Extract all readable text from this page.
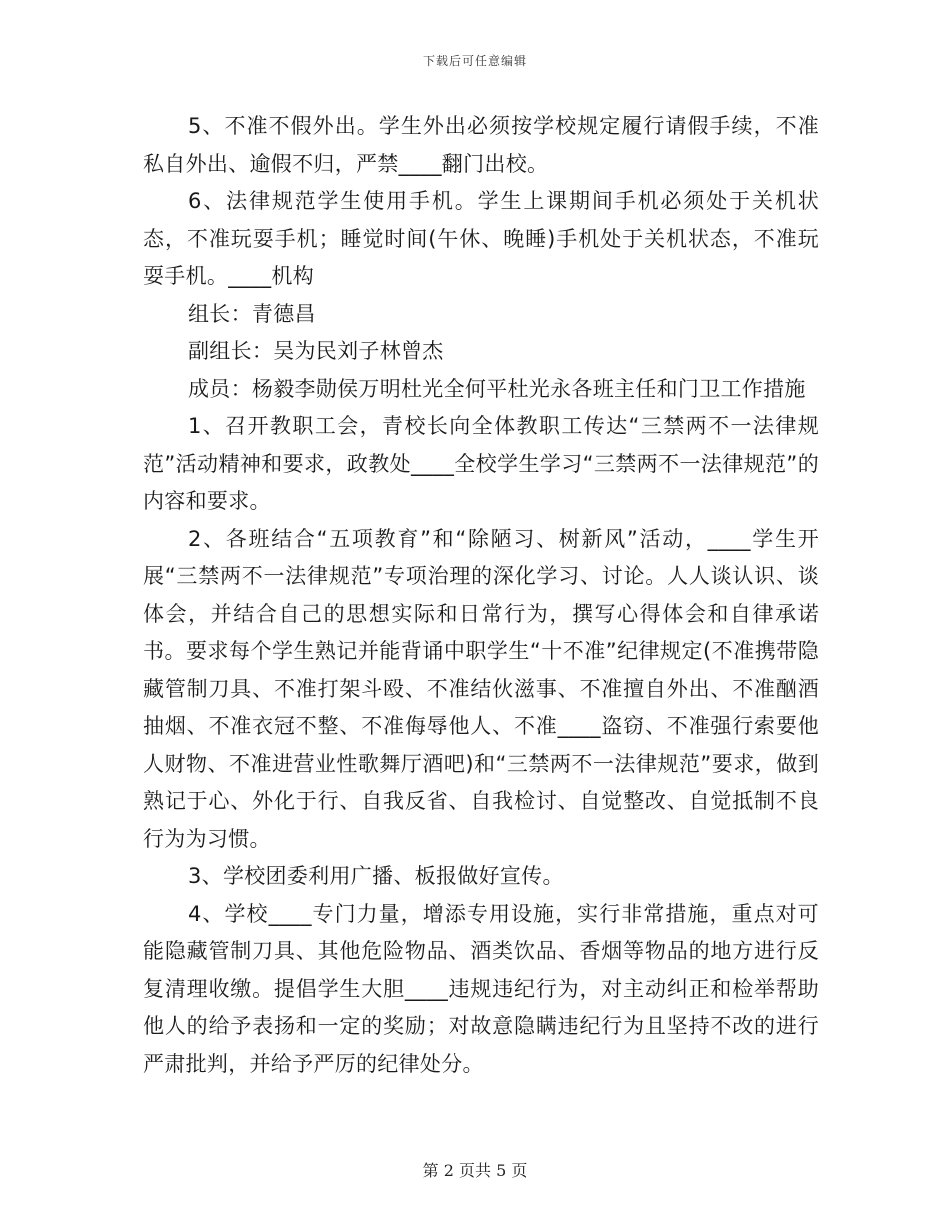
下载后可任意编辑

5、不准不假外出。学生外出必须按学校规定履行请假手续，不准私自外出、逾假不归，严禁____翻门出校。

6、法律规范学生使用手机。学生上课期间手机必须处于关机状态，不准玩耍手机；睡觉时间(午休、晚睡)手机处于关机状态，不准玩耍手机。____机构

组长：青德昌

副组长：吴为民刘子林曾杰

成员：杨毅李勋侯万明杜光全何平杜光永各班主任和门卫工作措施

1、召开教职工会，青校长向全体教职工传达“三禁两不一法律规范”活动精神和要求，政教处____全校学生学习“三禁两不一法律规范”的内容和要求。

2、各班结合“五项教育”和“除陋习、树新风”活动，____学生开展“三禁两不一法律规范”专项治理的深化学习、讨论。人人谈认识、谈体会，并结合自己的思想实际和日常行为，撰写心得体会和自律承诺书。要求每个学生熟记并能背诵中职学生“十不准”纪律规定(不准携带隐藏管制刀具、不准打架斗殴、不准结伙滋事、不准擅自外出、不准酗酒抽烟、不准衣冠不整、不准侮辱他人、不准____盗窃、不准强行索要他人财物、不准进营业性歌舞厅酒吧)和“三禁两不一法律规范”要求，做到熟记于心、外化于行、自我反省、自我检讨、自觉整改、自觉抵制不良行为为习惯。

3、学校团委利用广播、板报做好宣传。

4、学校____专门力量，增添专用设施，实行非常措施，重点对可能隐藏管制刀具、其他危险物品、酒类饮品、香烟等物品的地方进行反复清理收缴。提倡学生大胆____违规违纪行为，对主动纠正和检举帮助他人的给予表扬和一定的奖励；对故意隐瞒违纪行为且坚持不改的进行严肃批判，并给予严厉的纪律处分。

第 2 页共 5 页
